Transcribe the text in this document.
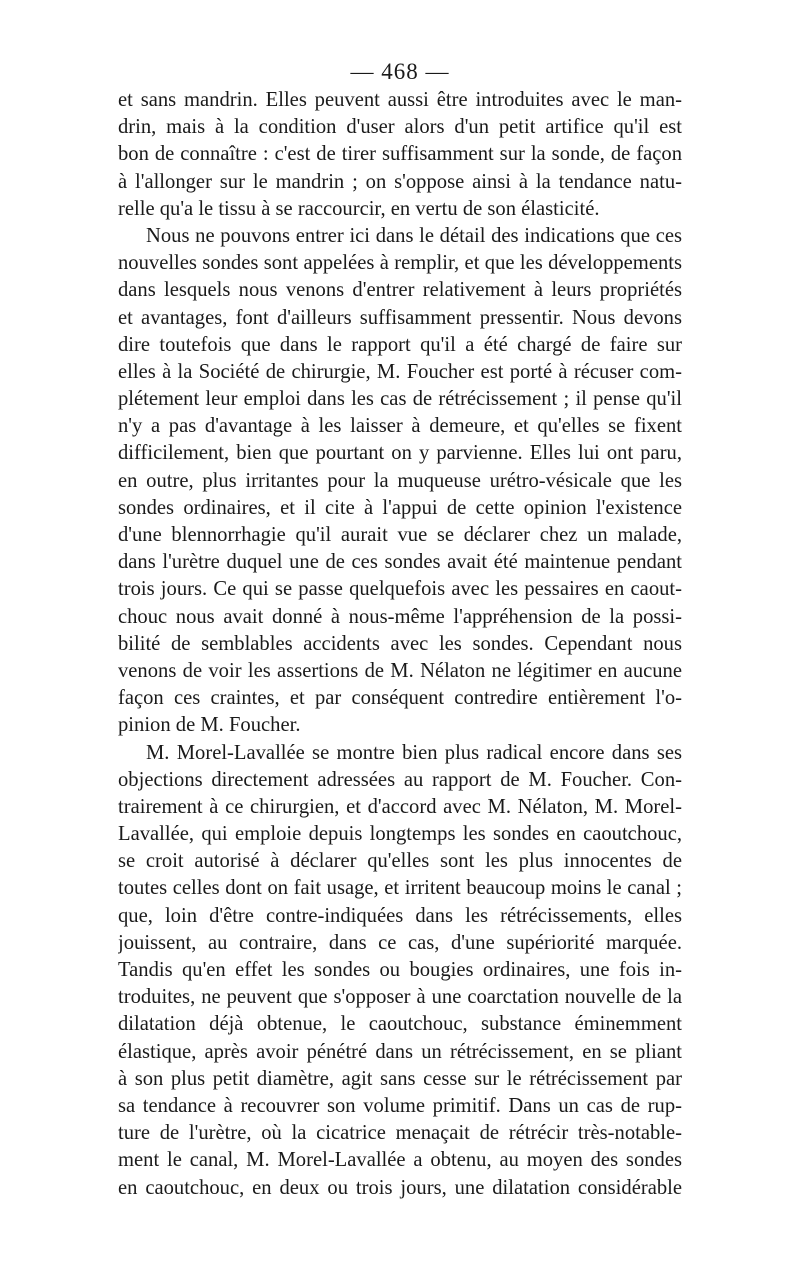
— 468 —
et sans mandrin. Elles peuvent aussi être introduites avec le man-
drin, mais à la condition d'user alors d'un petit artifice qu'il est
bon de connaître : c'est de tirer suffisamment sur la sonde, de façon
à l'allonger sur le mandrin ; on s'oppose ainsi à la tendance natu-
relle qu'a le tissu à se raccourcir, en vertu de son élasticité.
Nous ne pouvons entrer ici dans le détail des indications que ces
nouvelles sondes sont appelées à remplir, et que les développements
dans lesquels nous venons d'entrer relativement à leurs propriétés
et avantages, font d'ailleurs suffisamment pressentir. Nous devons
dire toutefois que dans le rapport qu'il a été chargé de faire sur
elles à la Société de chirurgie, M. Foucher est porté à récuser com-
plétement leur emploi dans les cas de rétrécissement ; il pense qu'il
n'y a pas d'avantage à les laisser à demeure, et qu'elles se fixent
difficilement, bien que pourtant on y parvienne. Elles lui ont paru,
en outre, plus irritantes pour la muqueuse urétro-vésicale que les
sondes ordinaires, et il cite à l'appui de cette opinion l'existence
d'une blennorrhagie qu'il aurait vue se déclarer chez un malade,
dans l'urètre duquel une de ces sondes avait été maintenue pendant
trois jours. Ce qui se passe quelquefois avec les pessaires en caout-
chouc nous avait donné à nous-même l'appréhension de la possi-
bilité de semblables accidents avec les sondes. Cependant nous
venons de voir les assertions de M. Nélaton ne légitimer en aucune
façon ces craintes, et par conséquent contredire entièrement l'o-
pinion de M. Foucher.
M. Morel-Lavallée se montre bien plus radical encore dans ses
objections directement adressées au rapport de M. Foucher. Con-
trairement à ce chirurgien, et d'accord avec M. Nélaton, M. Morel-
Lavallée, qui emploie depuis longtemps les sondes en caoutchouc,
se croit autorisé à déclarer qu'elles sont les plus innocentes de
toutes celles dont on fait usage, et irritent beaucoup moins le canal ;
que, loin d'être contre-indiquées dans les rétrécissements, elles
jouissent, au contraire, dans ce cas, d'une supériorité marquée.
Tandis qu'en effet les sondes ou bougies ordinaires, une fois in-
troduites, ne peuvent que s'opposer à une coarctation nouvelle de la
dilatation déjà obtenue, le caoutchouc, substance éminemment
élastique, après avoir pénétré dans un rétrécissement, en se pliant
à son plus petit diamètre, agit sans cesse sur le rétrécissement par
sa tendance à recouvrer son volume primitif. Dans un cas de rup-
ture de l'urètre, où la cicatrice menaçait de rétrécir très-notable-
ment le canal, M. Morel-Lavallée a obtenu, au moyen des sondes
en caoutchouc, en deux ou trois jours, une dilatation considérable
